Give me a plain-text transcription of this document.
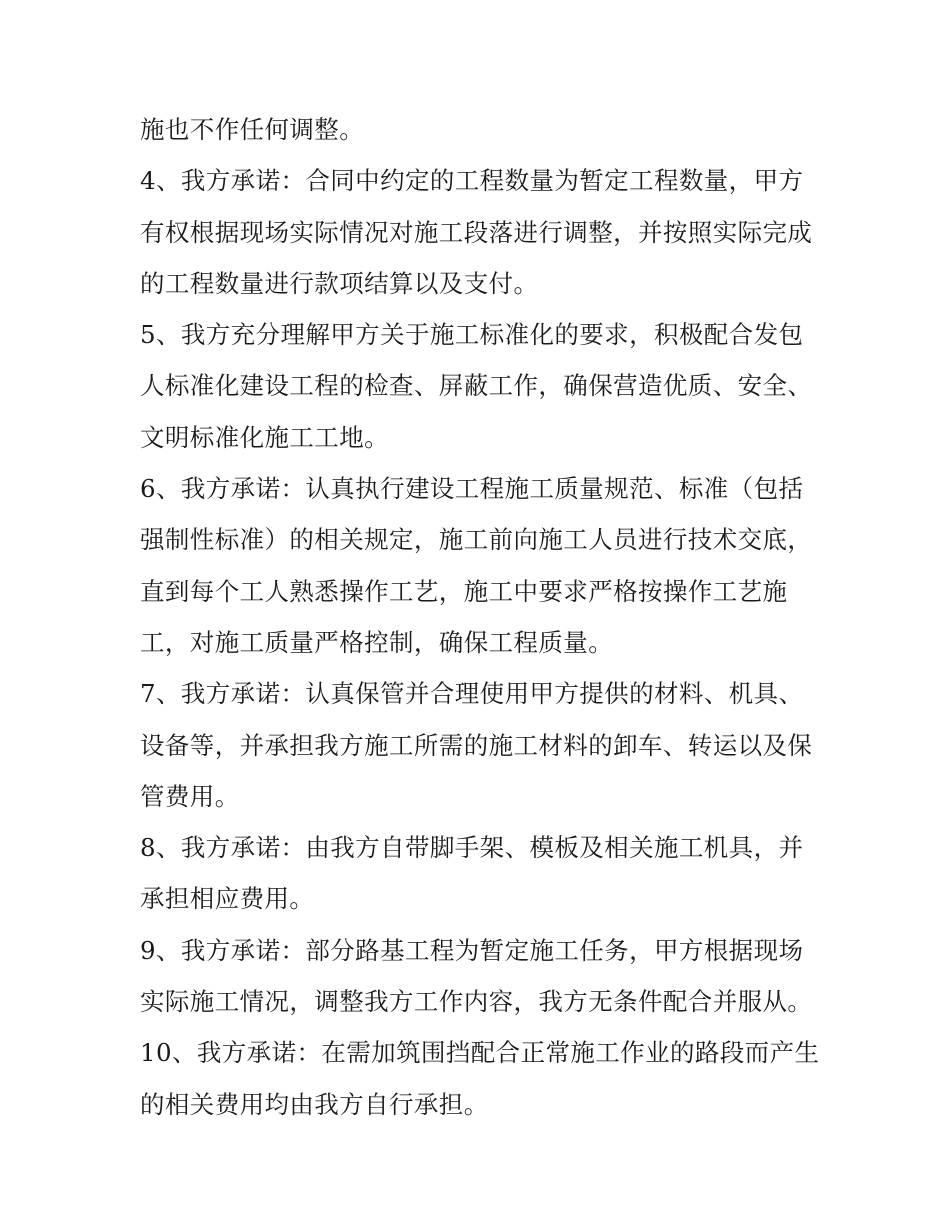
施也不作任何调整。
4、我方承诺：合同中约定的工程数量为暂定工程数量，甲方
有权根据现场实际情况对施工段落进行调整，并按照实际完成
的工程数量进行款项结算以及支付。
5、我方充分理解甲方关于施工标准化的要求，积极配合发包
人标准化建设工程的检查、屏蔽工作，确保营造优质、安全、
文明标准化施工工地。
6、我方承诺：认真执行建设工程施工质量规范、标准（包括
强制性标准）的相关规定，施工前向施工人员进行技术交底，
直到每个工人熟悉操作工艺，施工中要求严格按操作工艺施
工，对施工质量严格控制，确保工程质量。
7、我方承诺：认真保管并合理使用甲方提供的材料、机具、
设备等，并承担我方施工所需的施工材料的卸车、转运以及保
管费用。
8、我方承诺：由我方自带脚手架、模板及相关施工机具，并
承担相应费用。
9、我方承诺：部分路基工程为暂定施工任务，甲方根据现场
实际施工情况，调整我方工作内容，我方无条件配合并服从。
10、我方承诺：在需加筑围挡配合正常施工作业的路段而产生
的相关费用均由我方自行承担。
